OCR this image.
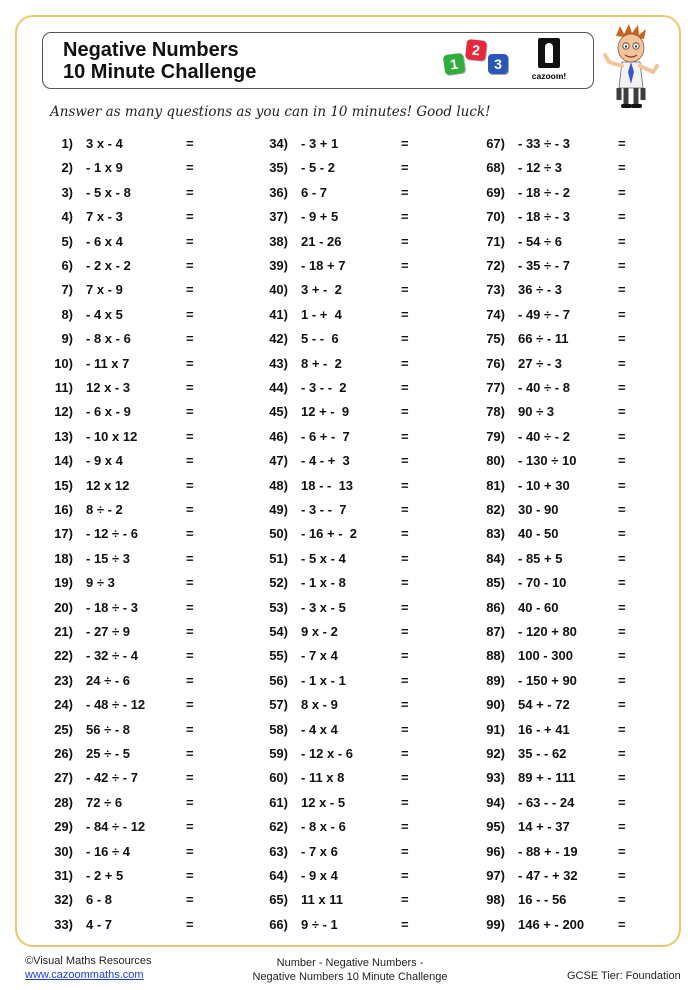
Negative Numbers
10 Minute Challenge	1
2
3
cazoom!
Answer as many questions as you can in 10 minutes! Good luck!
1) 3 x - 4	=
2) - 1 x 9	=
3) - 5 x - 8	=
4) 7 x - 3	=
5) - 6 x 4	=
6) - 2 x - 2	=
7) 7 x - 9	=
8) - 4 x 5	=
9) - 8 x - 6	=
10) - 11 x 7	=
11) 12 x - 3	=
12) - 6 x - 9	=
13) - 10 x 12	=
14) - 9 x 4	=
15) 12 x 12	=
16) 8 ÷ - 2	=
17) - 12 ÷ - 6	=
18) - 15 ÷ 3	=
19) 9 ÷ 3	=
20) - 18 ÷ - 3	=
21) - 27 ÷ 9	=
22) - 32 ÷ - 4	=
23) 24 ÷ - 6	=
24) - 48 ÷ - 12	=
25) 56 ÷ - 8	=
26) 25 ÷ - 5	=
27) - 42 ÷ - 7	=
28) 72 ÷ 6	=
29) - 84 ÷ - 12	=
30) - 16 ÷ 4	=
31) - 2 + 5	=
32) 6 - 8	=
33) 4 - 7	=
34) - 3 + 1	=
35) - 5 - 2	=
36) 6 - 7	=
37) - 9 + 5	=
38) 21 - 26	=
39) - 18 + 7	=
40) 3 + -  2	=
41) 1 - +  4	=
42) 5 - -  6	=
43) 8 + -  2	=
44) - 3 - -  2	=
45) 12 + -  9	=
46) - 6 + -  7	=
47) - 4 - +  3	=
48) 18 - -  13	=
49) - 3 - -  7	=
50) - 16 + -  2	=
51) - 5 x - 4	=
52) - 1 x - 8	=
53) - 3 x - 5	=
54) 9 x - 2	=
55) - 7 x 4	=
56) - 1 x - 1	=
57) 8 x - 9	=
58) - 4 x 4	=
59) - 12 x - 6	=
60) - 11 x 8	=
61) 12 x - 5	=
62) - 8 x - 6	=
63) - 7 x 6	=
64) - 9 x 4	=
65) 11 x 11	=
66) 9 ÷ - 1	=
67) - 33 ÷ - 3	=
68) - 12 ÷ 3	=
69) - 18 ÷ - 2	=
70) - 18 ÷ - 3	=
71) - 54 ÷ 6	=
72) - 35 ÷ - 7	=
73) 36 ÷ - 3	=
74) - 49 ÷ - 7	=
75) 66 ÷ - 11	=
76) 27 ÷ - 3	=
77) - 40 ÷ - 8	=
78) 90 ÷ 3	=
79) - 40 ÷ - 2	=
80) - 130 ÷ 10	=
81) - 10 + 30	=
82) 30 - 90	=
83) 40 - 50	=
84) - 85 + 5	=
85) - 70 - 10	=
86) 40 - 60	=
87) - 120 + 80	=
88) 100 - 300	=
89) - 150 + 90	=
90) 54 + - 72	=
91) 16 - + 41	=
92) 35 - - 62	=
93) 89 + - 111	=
94) - 63 - - 24	=
95) 14 + - 37	=
96) - 88 + - 19	=
97) - 47 - + 32	=
98) 16 - - 56	=
99) 146 + - 200	=
©Visual Maths Resources
www.cazoommaths.com
Number - Negative Numbers -
Negative Numbers 10 Minute Challenge	GCSE Tier: Foundation
